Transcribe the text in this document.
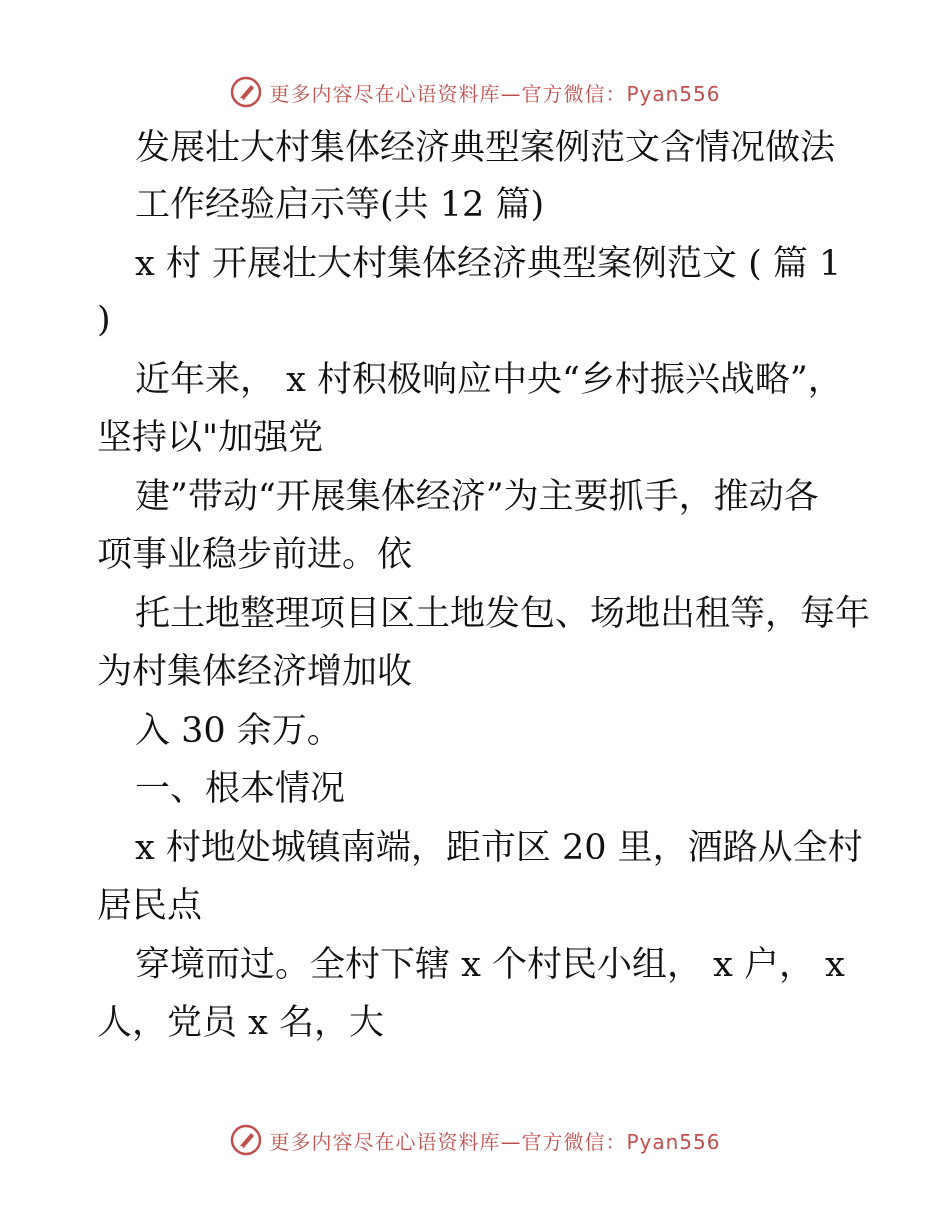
更多内容尽在心语资料库—官方微信：Pyan556
发展壮大村集体经济典型案例范文含情况做法
工作经验启示等(共 12 篇)
x 村 开展壮大村集体经济典型案例范文 ( 篇 1
)
近年来， x 村积极响应中央“乡村振兴战略”，
坚持以"加强党
建”带动“开展集体经济”为主要抓手，推动各
项事业稳步前进。依
托土地整理项目区土地发包、场地出租等，每年
为村集体经济增加收
入 30 余万。
一、根本情况
x 村地处城镇南端，距市区 20 里，酒路从全村
居民点
穿境而过。全村下辖 x 个村民小组， x 户， x
人，党员 x 名，大
更多内容尽在心语资料库—官方微信：Pyan556
